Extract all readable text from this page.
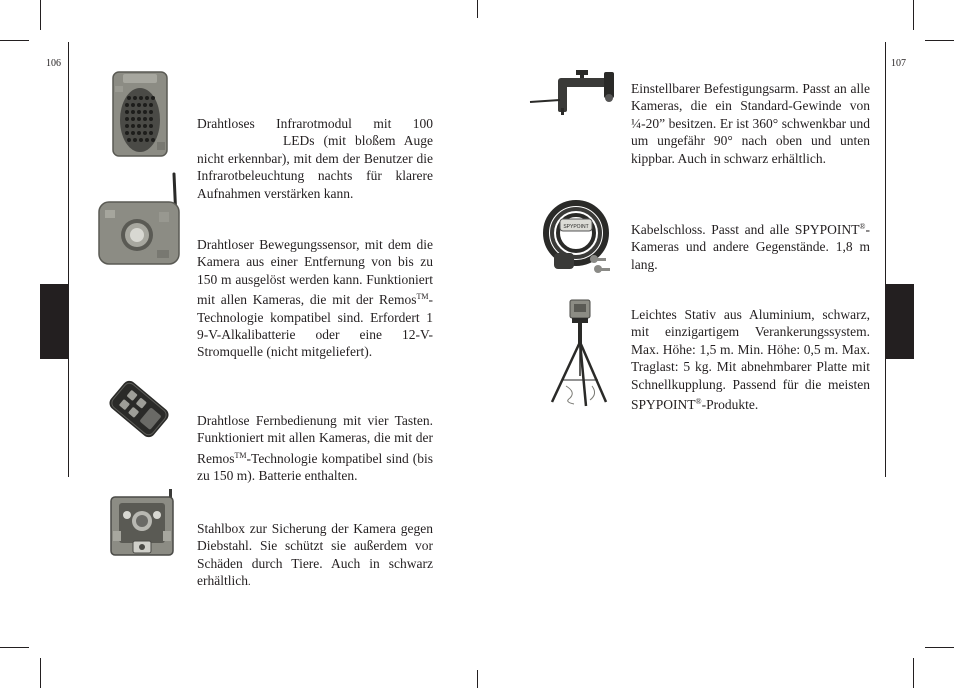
106	107

Drahtloses Infrarotmodul mit 100
LEDs (mit bloßem Auge nicht erkennbar), mit dem der Benutzer die Infrarotbeleuchtung nachts für klarere Aufnahmen verstärken kann.

Drahtloser Bewegungssensor, mit dem die Kamera aus einer Entfernung von bis zu 150 m ausgelöst werden kann. Funktioniert mit allen Kameras, die mit der Remos™-Technologie kompatibel sind. Erfordert 1 9-V-Alkalibatterie oder eine 12-V-Stromquelle (nicht mitgeliefert).

Drahtlose Fernbedienung mit vier Tasten. Funktioniert mit allen Kameras, die mit der Remos™-Technologie kompatibel sind (bis zu 150 m). Batterie enthalten.

Stahlbox zur Sicherung der Kamera gegen Diebstahl. Sie schützt sie außerdem vor Schäden durch Tiere. Auch in schwarz erhältlich.

Einstellbarer Befestigungsarm. Passt an alle Kameras, die ein Standard-Gewinde von ¼-20” besitzen. Er ist 360° schwenkbar und um ungefähr 90° nach oben und unten kippbar. Auch in schwarz erhältlich.

SPYPOINT	Kabelschloss. Passt and alle SPYPOINT®-Kameras und andere Gegenstände. 1,8 m lang.

Leichtes Stativ aus Aluminium, schwarz, mit einzigartigem Verankerungssystem. Max. Höhe: 1,5 m. Min. Höhe: 0,5 m. Max. Traglast: 5 kg. Mit abnehmbarer Platte mit Schnellkupplung. Passend für die meisten SPYPOINT®-Produkte.
